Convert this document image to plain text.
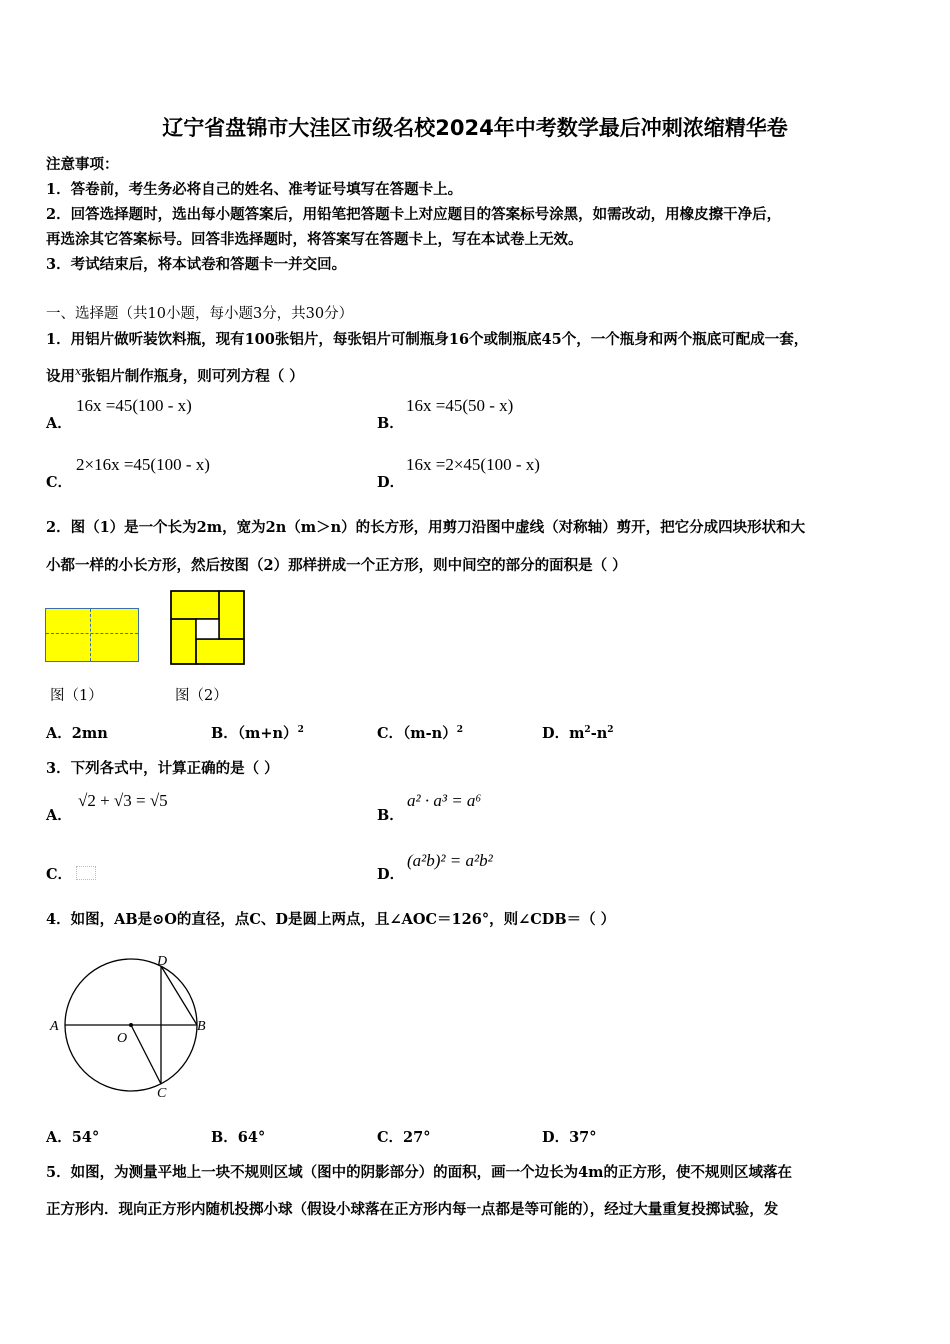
辽宁省盘锦市大洼区市级名校2024年中考数学最后冲刺浓缩精华卷
注意事项：
1．答卷前，考生务必将自己的姓名、准考证号填写在答题卡上。
2．回答选择题时，选出每小题答案后，用铅笔把答题卡上对应题目的答案标号涂黑，如需改动，用橡皮擦干净后，
再选涂其它答案标号。回答非选择题时，将答案写在答题卡上，写在本试卷上无效。
3．考试结束后，将本试卷和答题卡一并交回。
一、选择题（共10小题，每小题3分，共30分）
1．用铝片做听装饮料瓶，现有100张铝片，每张铝片可制瓶身16个或制瓶底45个，一个瓶身和两个瓶底可配成一套，
设用$^x$张铝片制作瓶身，则可列方程（ ）
A．
16x =45(100 - x)
B．
16x =45(50 - x)
C．
2×16x =45(100 - x)
D．
16x =2×45(100 - x)
2．图（1）是一个长为2m，宽为2n（m＞n）的长方形，用剪刀沿图中虚线（对称轴）剪开，把它分成四块形状和大
小都一样的小长方形，然后按图（2）那样拼成一个正方形，则中间空的部分的面积是（ ）
图（1）	图（2）
A．2mn	B．$(m+n)^2$	C．$(m-n)^2$	D．$m^2-n^2$
3．下列各式中，计算正确的是（ ）
A．
√2 + √3 = √5
B．
a² · a³ = a⁶
C．	D．
(a²b)² = a²b²
4．如图，AB是⊙O的直径，点C、D是圆上两点，且∠AOC＝126°，则∠CDB＝（ ）
A	B
C
D
O
A．54°	B．64°	C．27°	D．37°
5．如图，为测量平地上一块不规则区域（图中的阴影部分）的面积，画一个边长为4m的正方形，使不规则区域落在
正方形内．现向正方形内随机投掷小球（假设小球落在正方形内每一点都是等可能的），经过大量重复投掷试验，发
